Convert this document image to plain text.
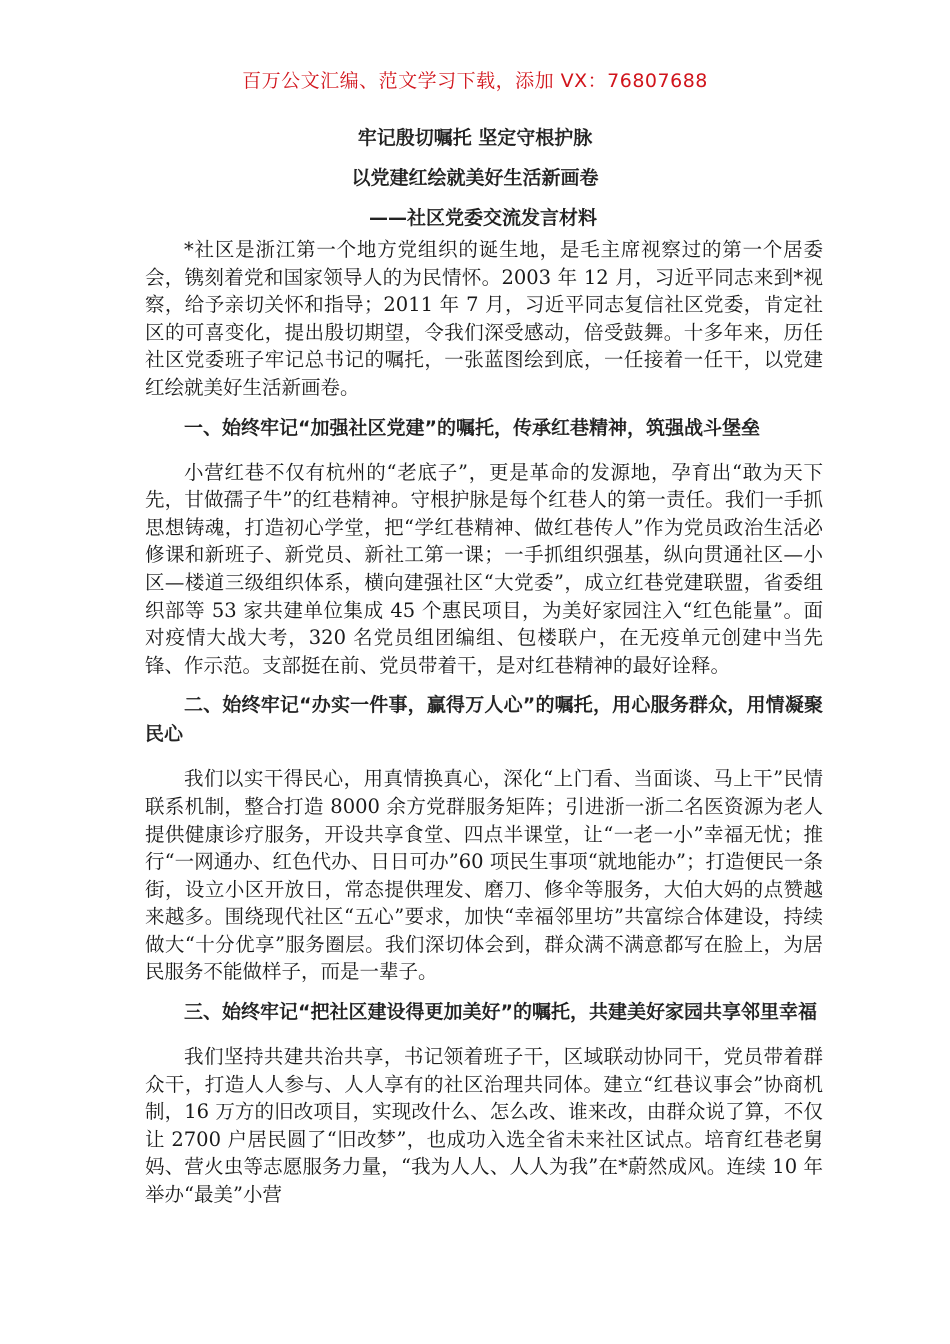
百万公文汇编、范文学习下载，添加 VX：76807688
牢记殷切嘱托 坚定守根护脉
以党建红绘就美好生活新画卷
——社区党委交流发言材料

*社区是浙江第一个地方党组织的诞生地，是毛主席视察过的第一个居委会，镌刻着党和国家领导人的为民情怀。2003 年 12 月，习近平同志来到*视察，给予亲切关怀和指导；2011 年 7 月，习近平同志复信社区党委，肯定社区的可喜变化，提出殷切期望，令我们深受感动，倍受鼓舞。十多年来，历任社区党委班子牢记总书记的嘱托，一张蓝图绘到底，一任接着一任干，以党建红绘就美好生活新画卷。

一、始终牢记“加强社区党建”的嘱托，传承红巷精神，筑强战斗堡垒

小营红巷不仅有杭州的“老底子”，更是革命的发源地，孕育出“敢为天下先，甘做孺子牛”的红巷精神。守根护脉是每个红巷人的第一责任。我们一手抓思想铸魂，打造初心学堂，把“学红巷精神、做红巷传人”作为党员政治生活必修课和新班子、新党员、新社工第一课；一手抓组织强基，纵向贯通社区—小区—楼道三级组织体系，横向建强社区“大党委”，成立红巷党建联盟，省委组织部等 53 家共建单位集成 45 个惠民项目，为美好家园注入“红色能量”。面对疫情大战大考，320 名党员组团编组、包楼联户，在无疫单元创建中当先锋、作示范。支部挺在前、党员带着干，是对红巷精神的最好诠释。

二、始终牢记“办实一件事，赢得万人心”的嘱托，用心服务群众，用情凝聚民心

我们以实干得民心，用真情换真心，深化“上门看、当面谈、马上干”民情联系机制，整合打造 8000 余方党群服务矩阵；引进浙一浙二名医资源为老人提供健康诊疗服务，开设共享食堂、四点半课堂，让“一老一小”幸福无忧；推行“一网通办、红色代办、日日可办”60 项民生事项“就地能办”；打造便民一条街，设立小区开放日，常态提供理发、磨刀、修伞等服务，大伯大妈的点赞越来越多。围绕现代社区“五心”要求，加快“幸福邻里坊”共富综合体建设，持续做大“十分优享”服务圈层。我们深切体会到，群众满不满意都写在脸上，为居民服务不能做样子，而是一辈子。

三、始终牢记“把社区建设得更加美好”的嘱托，共建美好家园共享邻里幸福

我们坚持共建共治共享，书记领着班子干，区域联动协同干，党员带着群众干，打造人人参与、人人享有的社区治理共同体。建立“红巷议事会”协商机制，16 万方的旧改项目，实现改什么、怎么改、谁来改，由群众说了算，不仅让 2700 户居民圆了“旧改梦”，也成功入选全省未来社区试点。培育红巷老舅妈、营火虫等志愿服务力量，“我为人人、人人为我”在*蔚然成风。连续 10 年举办“最美”小营
